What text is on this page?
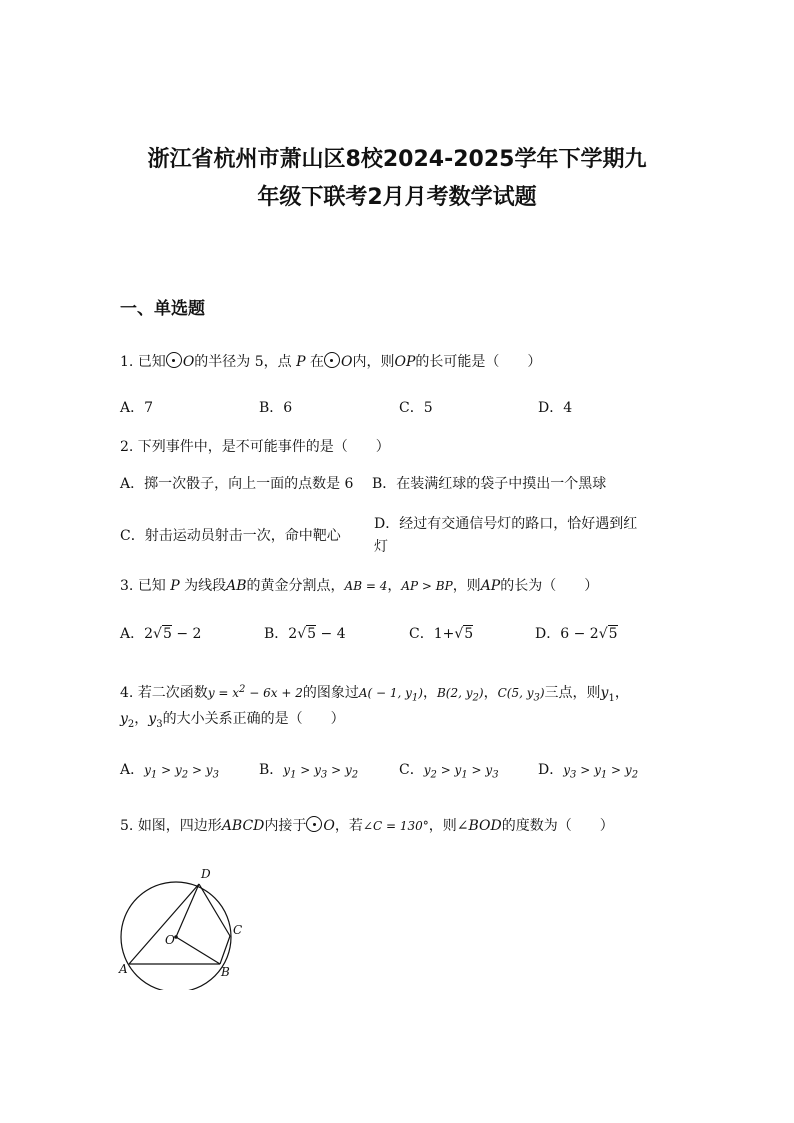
浙江省杭州市萧山区8校2024-2025学年下学期九
年级下联考2月月考数学试题
一、单选题
1. 已知 O的半径为 5，点 P 在 O内，则OP的长可能是（　　）
A．7	B．6	C．5	D．4
2. 下列事件中，是不可能事件的是（　　）
A．掷一次骰子，向上一面的点数是 6 B．在装满红球的袋子中摸出一个黑球
C．射击运动员射击一次，命中靶心
D．经过有交通信号灯的路口，恰好遇到红
灯
3. 已知 P 为线段AB的黄金分割点，AB = 4，AP > BP，则AP的长为（　　）
A．2√5 − 2	B．2√5 − 4	C．1+√5	D．6 − 2√5
4. 若二次函数$y = x^2 - 6x + 2$的图象过A( − 1, $y_1$)，B(2, $y_2$)，C(5, $y_3$)三点，则$y_1$，
$y_2$，$y_3$的大小关系正确的是（　　）
A．$y_1 > y_2 > y_3$	B．$y_1 > y_3 > y_2$	C．$y_2 > y_1 > y_3$	D．$y_3 > y_1 > y_2$
5. 如图，四边形ABCD内接于 O，若∠C = 130°，则∠BOD的度数为（　　）
A	B
C
D
O
